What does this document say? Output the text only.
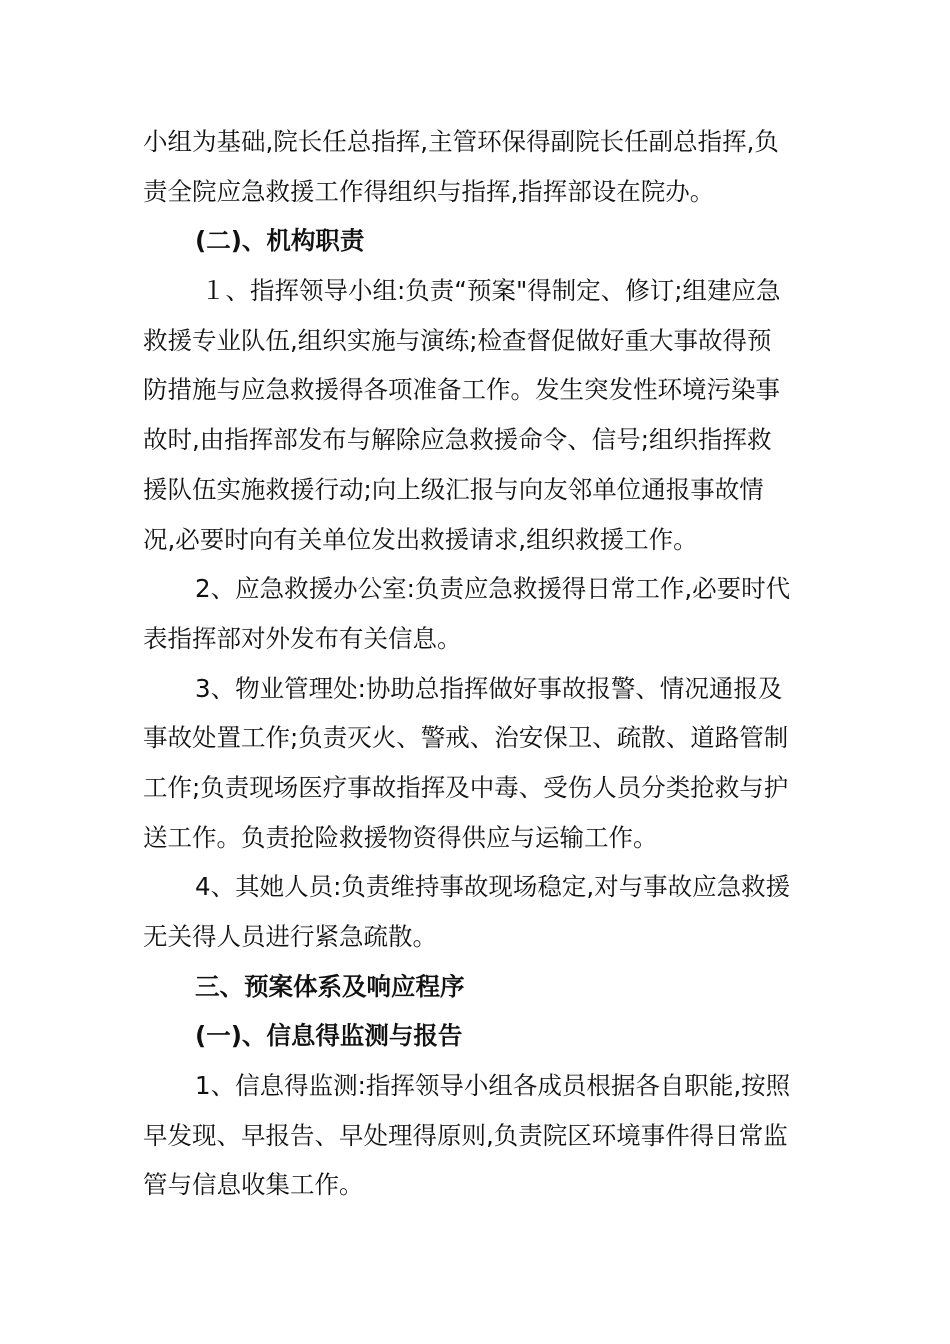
小组为基础,院长任总指挥,主管环保得副院长任副总指挥,负
责全院应急救援工作得组织与指挥,指挥部设在院办。
(二)、机构职责
１、指挥领导小组:负责“预案"得制定、修订;组建应急
救援专业队伍,组织实施与演练;检查督促做好重大事故得预
防措施与应急救援得各项准备工作。发生突发性环境污染事
故时,由指挥部发布与解除应急救援命令、信号;组织指挥救
援队伍实施救援行动;向上级汇报与向友邻单位通报事故情
况,必要时向有关单位发出救援请求,组织救援工作。
2、应急救援办公室:负责应急救援得日常工作,必要时代
表指挥部对外发布有关信息。
3、物业管理处:协助总指挥做好事故报警、情况通报及
事故处置工作;负责灭火、警戒、治安保卫、疏散、道路管制
工作;负责现场医疗事故指挥及中毒、受伤人员分类抢救与护
送工作。负责抢险救援物资得供应与运输工作。
4、其她人员:负责维持事故现场稳定,对与事故应急救援
无关得人员进行紧急疏散。
三、预案体系及响应程序
(一)、信息得监测与报告
1、信息得监测:指挥领导小组各成员根据各自职能,按照
早发现、早报告、早处理得原则,负责院区环境事件得日常监
管与信息收集工作。
